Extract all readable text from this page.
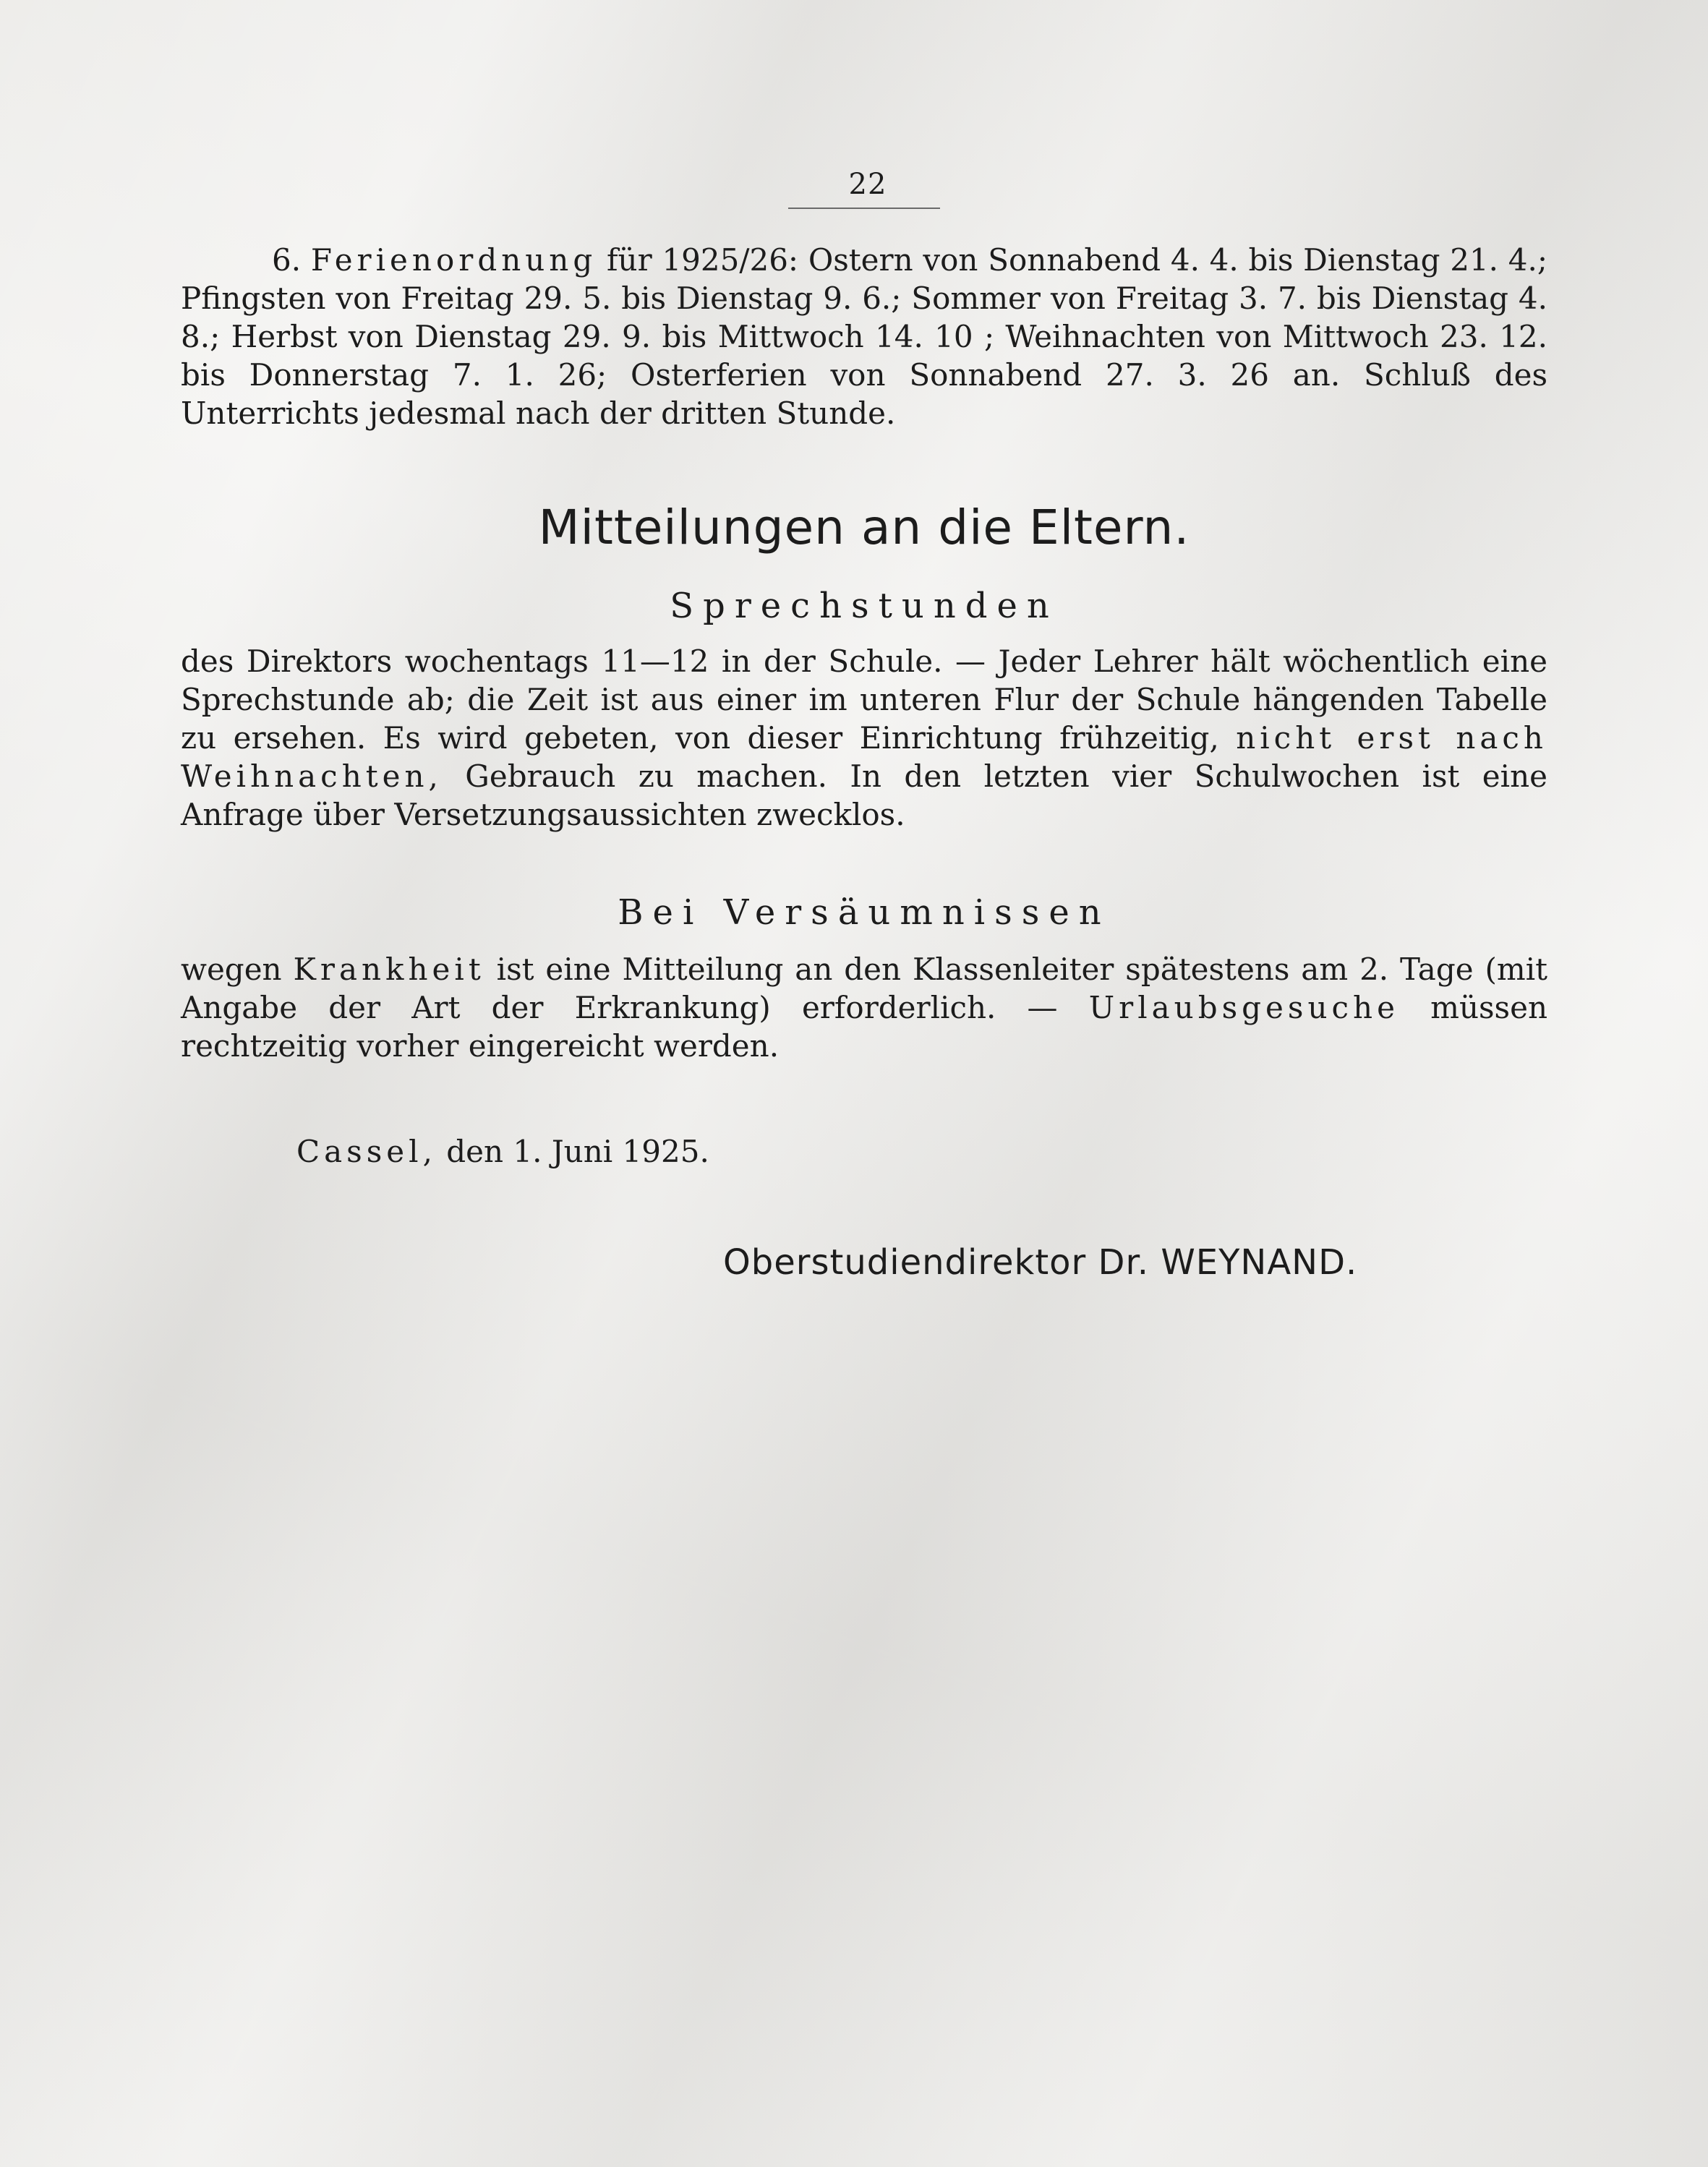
22

6. Ferienordnung für 1925/26: Ostern von Sonnabend 4. 4. bis Dienstag 21. 4.; Pfingsten von Freitag 29. 5. bis Dienstag 9. 6.; Sommer von Freitag 3. 7. bis Dienstag 4. 8.; Herbst von Dienstag 29. 9. bis Mittwoch 14. 10 ; Weihnachten von Mittwoch 23. 12. bis Donnerstag 7. 1. 26; Osterferien von Sonnabend 27. 3. 26 an. Schluß des Unterrichts jedesmal nach der dritten Stunde.

Mitteilungen an die Eltern.
Sprechstunden

des Direktors wochentags 11—12 in der Schule. — Jeder Lehrer hält wöchentlich eine Sprechstunde ab; die Zeit ist aus einer im unteren Flur der Schule hängenden Tabelle zu ersehen. Es wird gebeten, von dieser Einrichtung frühzeitig, nicht erst nach Weihnachten, Gebrauch zu machen. In den letzten vier Schulwochen ist eine Anfrage über Versetzungsaussichten zwecklos.

Bei Versäumnissen

wegen Krankheit ist eine Mitteilung an den Klassenleiter spätestens am 2. Tage (mit Angabe der Art der Erkrankung) erforderlich. — Urlaubsgesuche müssen rechtzeitig vorher eingereicht werden.

Cassel, den 1. Juni 1925.
Oberstudiendirektor Dr. WEYNAND.
